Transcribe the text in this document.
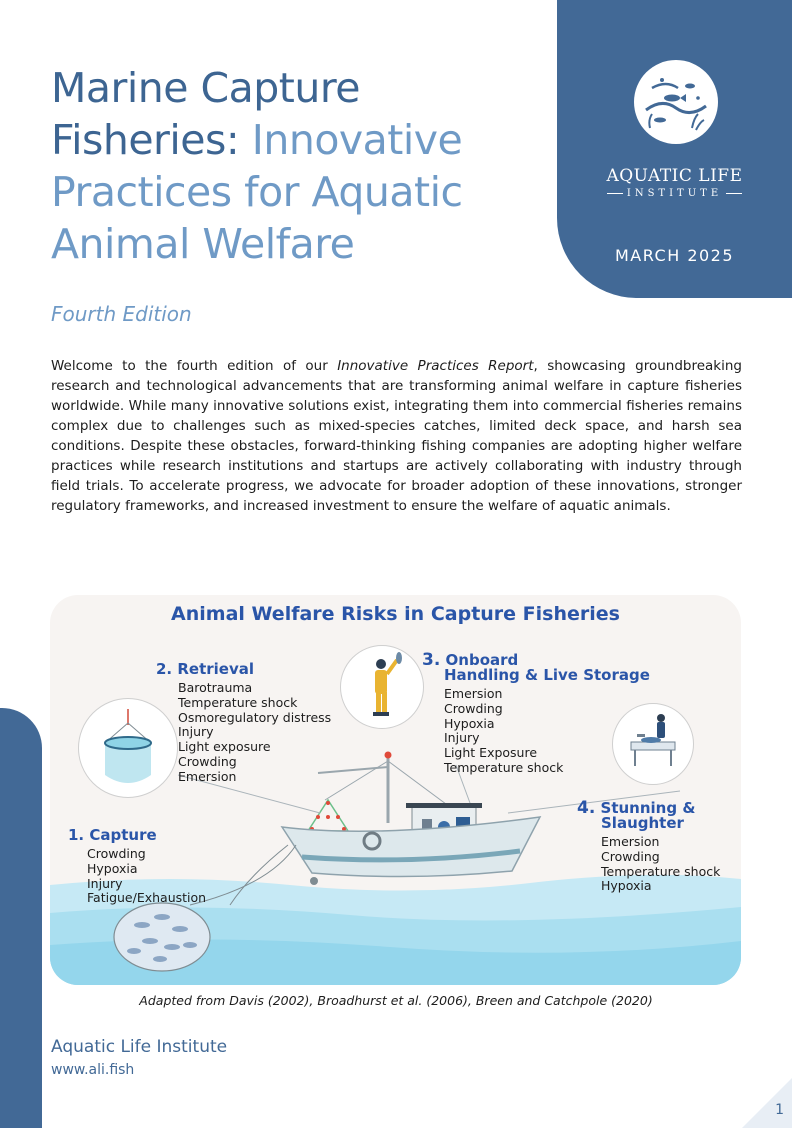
AQUATIC LIFE
INSTITUTE
MARCH 2025
Marine Capture Fisheries: Innovative Practices for Aquatic Animal Welfare
Fourth Edition

Welcome to the fourth edition of our Innovative Practices Report, showcasing groundbreaking research and technological advancements that are transforming animal welfare in capture fisheries worldwide. While many innovative solutions exist, integrating them into commercial fisheries remains complex due to challenges such as mixed-species catches, limited deck space, and harsh sea conditions. Despite these obstacles, forward-thinking fishing companies are adopting higher welfare practices while research institutions and startups are actively collaborating with industry through field trials. To accelerate progress, we advocate for broader adoption of these innovations, stronger regulatory frameworks, and increased investment to ensure the welfare of aquatic animals.

Animal Welfare Risks in Capture Fisheries
1. Capture
Crowding
Hypoxia
Injury
Fatigue/Exhaustion
2. Retrieval
Barotrauma
Temperature shock
Osmoregulatory distress
Injury
Light exposure
Crowding
Emersion
3. Onboard
Handling & Live Storage
Emersion
Crowding
Hypoxia
Injury
Light Exposure
Temperature shock
4. Stunning &
Slaughter
Emersion
Crowding
Temperature shock
Hypoxia
Adapted from Davis (2002), Broadhurst et al. (2006), Breen and Catchpole (2020)
Aquatic Life Institute
www.ali.fish
1
